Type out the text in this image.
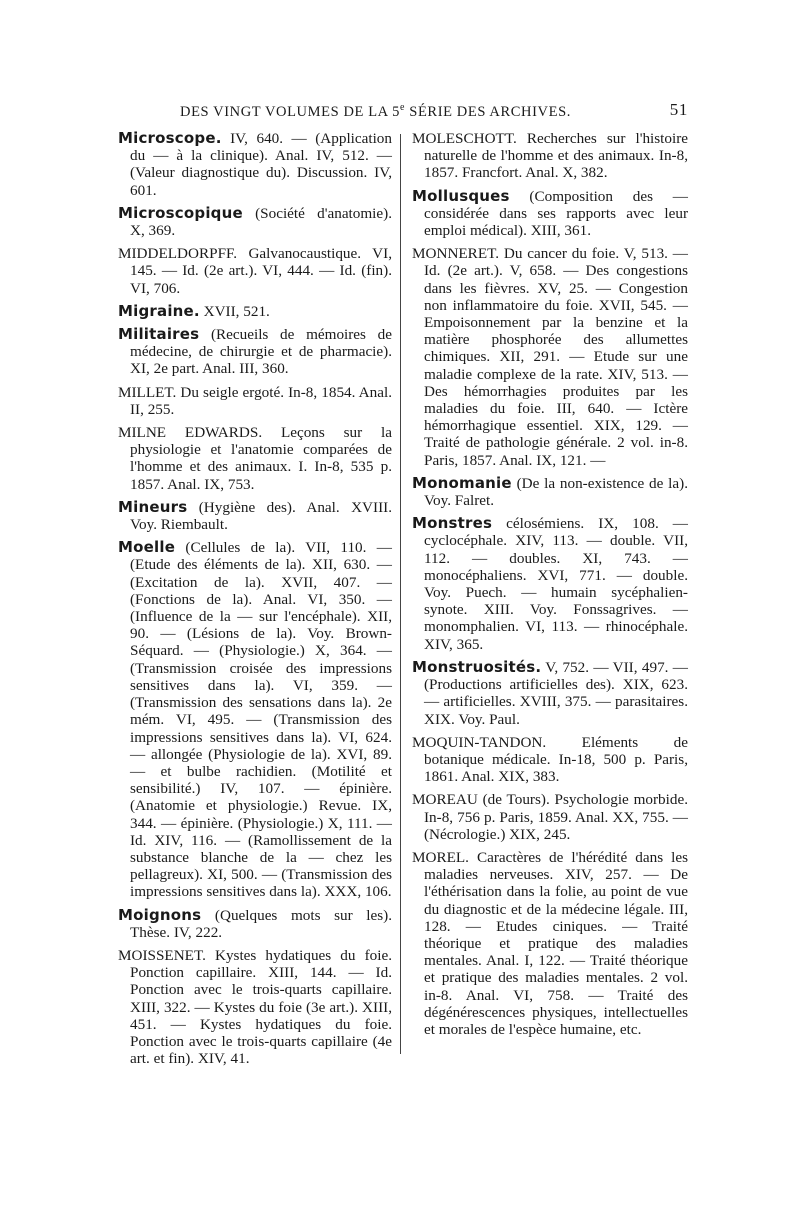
DES VINGT VOLUMES DE LA 5e SÉRIE DES ARCHIVES.	51

Microscope. IV, 640. — (Application du — à la clinique). Anal. IV, 512. — (Valeur diagnostique du). Discussion. IV, 601.

Microscopique (Société d'anatomie). X, 369.

MIDDELDORPFF. Galvanocaustique. VI, 145. — Id. (2e art.). VI, 444. — Id. (fin). VI, 706.

Migraine. XVII, 521.

Militaires (Recueils de mémoires de médecine, de chirurgie et de pharmacie). XI, 2e part. Anal. III, 360.

MILLET. Du seigle ergoté. In-8, 1854. Anal. II, 255.

MILNE EDWARDS. Leçons sur la physiologie et l'anatomie comparées de l'homme et des animaux. I. In-8, 535 p. 1857. Anal. IX, 753.

Mineurs (Hygiène des). Anal. XVIII. Voy. Riembault.

Moelle (Cellules de la). VII, 110. — (Etude des éléments de la). XII, 630. — (Excitation de la). XVII, 407. — (Fonctions de la). Anal. VI, 350. — (Influence de la — sur l'encéphale). XII, 90. — (Lésions de la). Voy. Brown-Séquard. — (Physiologie.) X, 364. — (Transmission croisée des impressions sensitives dans la). VI, 359. — (Transmission des sensations dans la). 2e mém. VI, 495. — (Transmission des impressions sensitives dans la). VI, 624. — allongée (Physiologie de la). XVI, 89. — et bulbe rachidien. (Motilité et sensibilité.) IV, 107. — épinière. (Anatomie et physiologie.) Revue. IX, 344. — épinière. (Physiologie.) X, 111. — Id. XIV, 116. — (Ramollissement de la substance blanche de la — chez les pellagreux). XI, 500. — (Transmission des impressions sensitives dans la). XXX, 106.

Moignons (Quelques mots sur les). Thèse. IV, 222.

MOISSENET. Kystes hydatiques du foie. Ponction capillaire. XIII, 144. — Id. Ponction avec le trois-quarts capillaire. XIII, 322. — Kystes du foie (3e art.). XIII, 451. — Kystes hydatiques du foie. Ponction avec le trois-quarts capillaire (4e art. et fin). XIV, 41.

MOLESCHOTT. Recherches sur l'histoire naturelle de l'homme et des animaux. In-8, 1857. Francfort. Anal. X, 382.

Mollusques (Composition des — considérée dans ses rapports avec leur emploi médical). XIII, 361.

MONNERET. Du cancer du foie. V, 513. — Id. (2e art.). V, 658. — Des congestions dans les fièvres. XV, 25. — Congestion non inflammatoire du foie. XVII, 545. — Empoisonnement par la benzine et la matière phosphorée des allumettes chimiques. XII, 291. — Etude sur une maladie complexe de la rate. XIV, 513. — Des hémorrhagies produites par les maladies du foie. III, 640. — Ictère hémorrhagique essentiel. XIX, 129. — Traité de pathologie générale. 2 vol. in-8. Paris, 1857. Anal. IX, 121. —

Monomanie (De la non-existence de la). Voy. Falret.

Monstres célosémiens. IX, 108. — cyclocéphale. XIV, 113. — double. VII, 112. — doubles. XI, 743. — monocéphaliens. XVI, 771. — double. Voy. Puech. — humain sycéphalien-synote. XIII. Voy. Fonssagrives. — monomphalien. VI, 113. — rhinocéphale. XIV, 365.

Monstruosités. V, 752. — VII, 497. — (Productions artificielles des). XIX, 623. — artificielles. XVIII, 375. — parasitaires. XIX. Voy. Paul.

MOQUIN-TANDON. Eléments de botanique médicale. In-18, 500 p. Paris, 1861. Anal. XIX, 383.

MOREAU (de Tours). Psychologie morbide. In-8, 756 p. Paris, 1859. Anal. XX, 755. — (Nécrologie.) XIX, 245.

MOREL. Caractères de l'hérédité dans les maladies nerveuses. XIV, 257. — De l'éthérisation dans la folie, au point de vue du diagnostic et de la médecine légale. III, 128. — Etudes ciniques. — Traité théorique et pratique des maladies mentales. Anal. I, 122. — Traité théorique et pratique des maladies mentales. 2 vol. in-8. Anal. VI, 758. — Traité des dégénérescences physiques, intellectuelles et morales de l'espèce humaine, etc.
